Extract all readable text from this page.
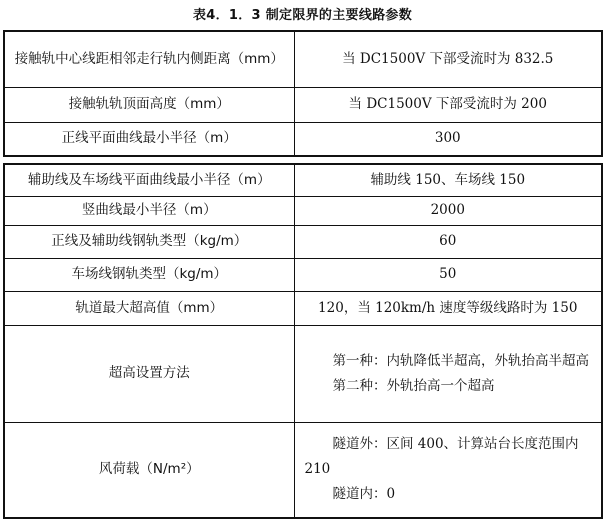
表4．1．3 制定限界的主要线路参数
接触轨中心线距相邻走行轨内侧距离（mm）	当 DC1500V 下部受流时为 832.5
接触轨轨顶面高度（mm）	当 DC1500V 下部受流时为 200
正线平面曲线最小半径（m）	300
辅助线及车场线平面曲线最小半径（m）	辅助线 150、车场线 150
竖曲线最小半径（m）	2000
正线及辅助线钢轨类型（kg/m）	60
车场线钢轨类型（kg/m）	50
轨道最大超高值（mm）	120，当 120km/h 速度等级线路时为 150
超高设置方法	第一种：内轨降低半超高，外轨抬高半超高
第二种：外轨抬高一个超高

风荷载（N/m²）	隧道外：区间 400、计算站台长度范围内 210
隧道内：0
